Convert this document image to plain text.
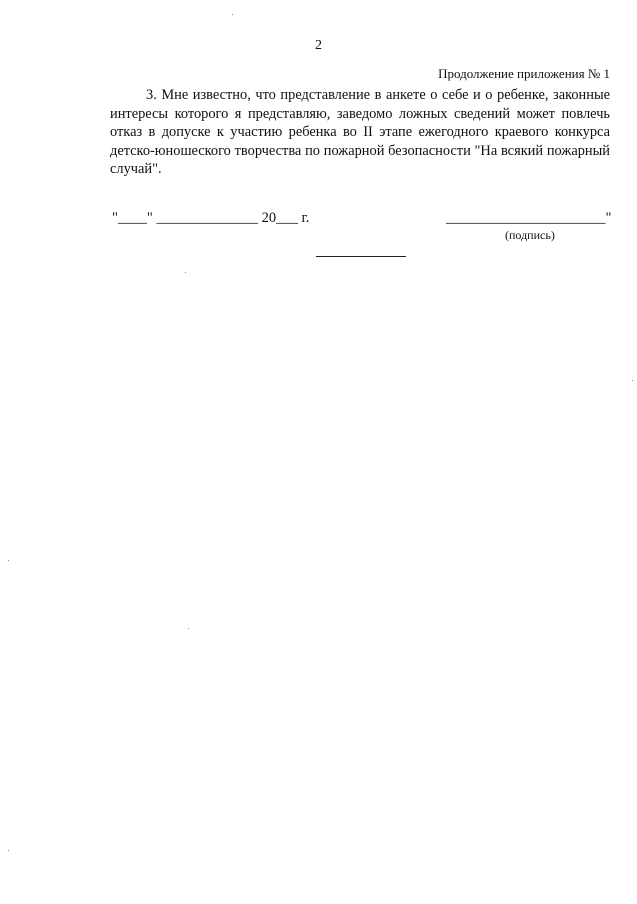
2
Продолжение приложения № 1

3. Мне известно, что представление в анкете о себе и о ребенке, законные интересы которого я представляю, заведомо ложных сведений может повлечь отказ в допуске к участию ребенка во II этапе ежегодного краевого конкурса детско-юношеского творчества по пожарной безопасности "На всякий пожарный случай".

"____" ______________ 20___ г.	______________________"
(подпись)
